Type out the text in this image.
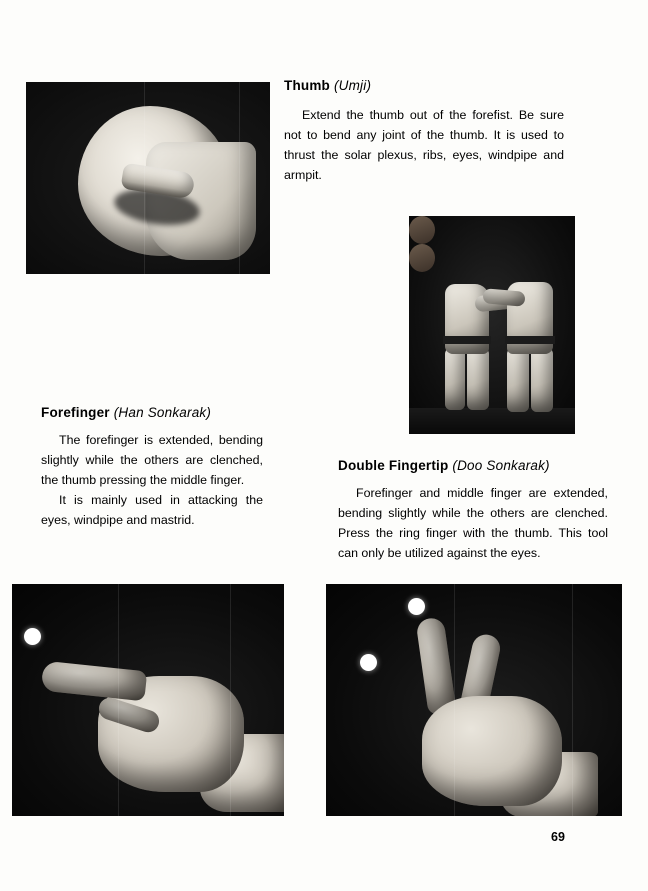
Thumb (Umji)
Extend the thumb out of the forefist. Be sure not to bend any joint of the thumb. It is used to thrust the solar plexus, ribs, eyes, windpipe and armpit.
Forefinger (Han Sonkarak)
The forefinger is extended, bending slightly while the others are clenched, the thumb pressing the middle finger.
It is mainly used in attacking the eyes, windpipe and mastrid.
Double Fingertip (Doo Sonkarak)
Forefinger and middle finger are extended, bending slightly while the others are clenched. Press the ring finger with the thumb. This tool can only be utilized against the eyes.
69
